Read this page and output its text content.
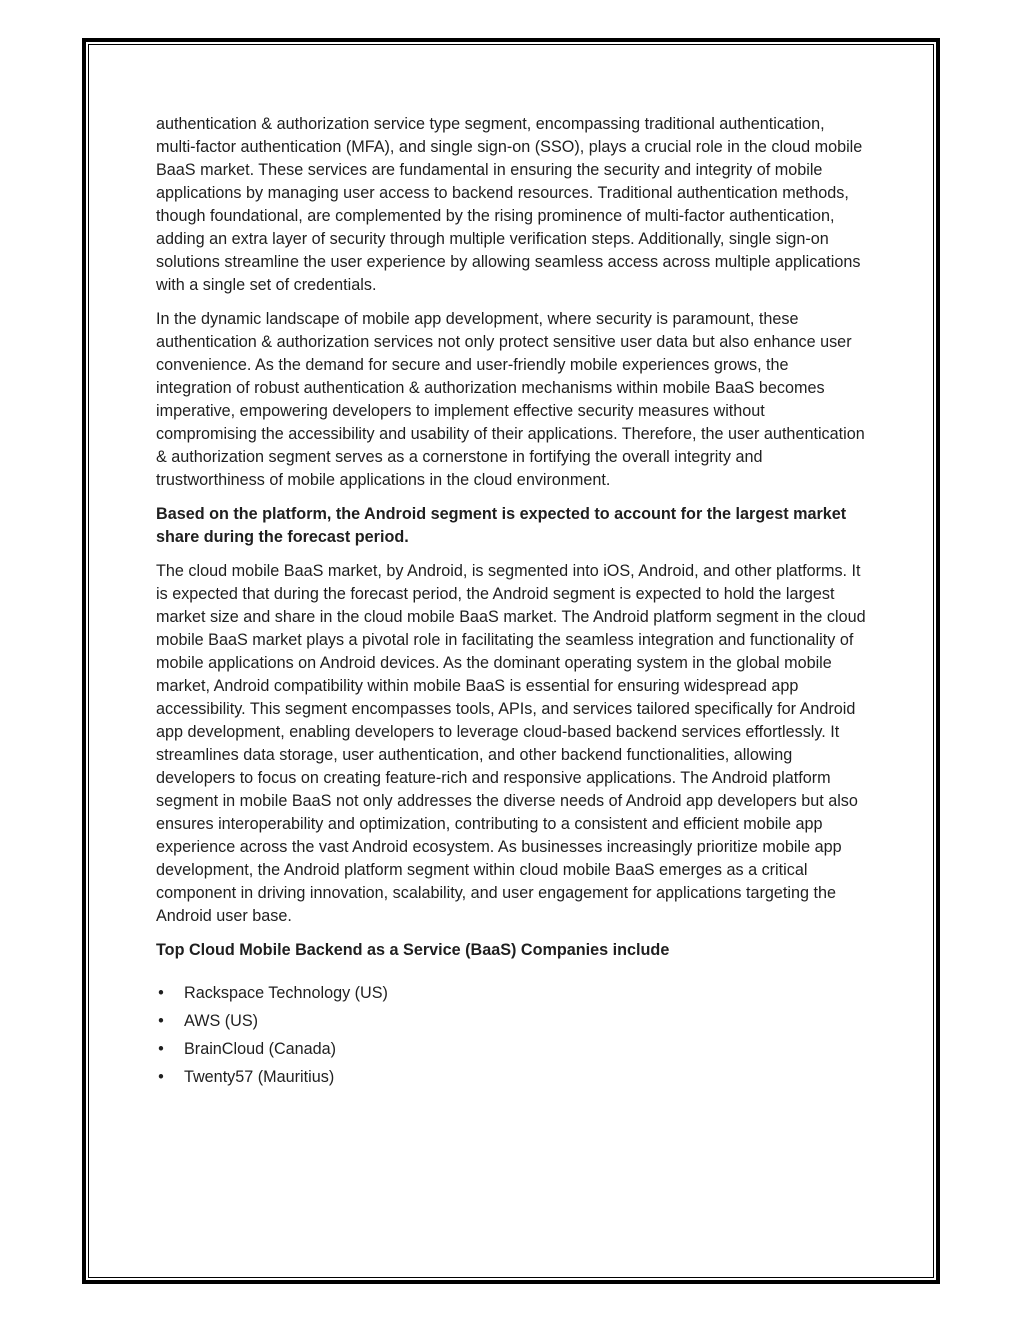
authentication & authorization service type segment, encompassing traditional authentication, multi-factor authentication (MFA), and single sign-on (SSO), plays a crucial role in the cloud mobile BaaS market. These services are fundamental in ensuring the security and integrity of mobile applications by managing user access to backend resources. Traditional authentication methods, though foundational, are complemented by the rising prominence of multi-factor authentication, adding an extra layer of security through multiple verification steps. Additionally, single sign-on solutions streamline the user experience by allowing seamless access across multiple applications with a single set of credentials.

In the dynamic landscape of mobile app development, where security is paramount, these authentication & authorization services not only protect sensitive user data but also enhance user convenience. As the demand for secure and user-friendly mobile experiences grows, the integration of robust authentication & authorization mechanisms within mobile BaaS becomes imperative, empowering developers to implement effective security measures without compromising the accessibility and usability of their applications. Therefore, the user authentication & authorization segment serves as a cornerstone in fortifying the overall integrity and trustworthiness of mobile applications in the cloud environment.

Based on the platform, the Android segment is expected to account for the largest market share during the forecast period.

The cloud mobile BaaS market, by Android, is segmented into iOS, Android, and other platforms. It is expected that during the forecast period, the Android segment is expected to hold the largest market size and share in the cloud mobile BaaS market. The Android platform segment in the cloud mobile BaaS market plays a pivotal role in facilitating the seamless integration and functionality of mobile applications on Android devices. As the dominant operating system in the global mobile market, Android compatibility within mobile BaaS is essential for ensuring widespread app accessibility. This segment encompasses tools, APIs, and services tailored specifically for Android app development, enabling developers to leverage cloud-based backend services effortlessly. It streamlines data storage, user authentication, and other backend functionalities, allowing developers to focus on creating feature-rich and responsive applications. The Android platform segment in mobile BaaS not only addresses the diverse needs of Android app developers but also ensures interoperability and optimization, contributing to a consistent and efficient mobile app experience across the vast Android ecosystem. As businesses increasingly prioritize mobile app development, the Android platform segment within cloud mobile BaaS emerges as a critical component in driving innovation, scalability, and user engagement for applications targeting the Android user base.

Top Cloud Mobile Backend as a Service (BaaS) Companies include

• Rackspace Technology (US)
• AWS (US)
• BrainCloud (Canada)
• Twenty57 (Mauritius)
